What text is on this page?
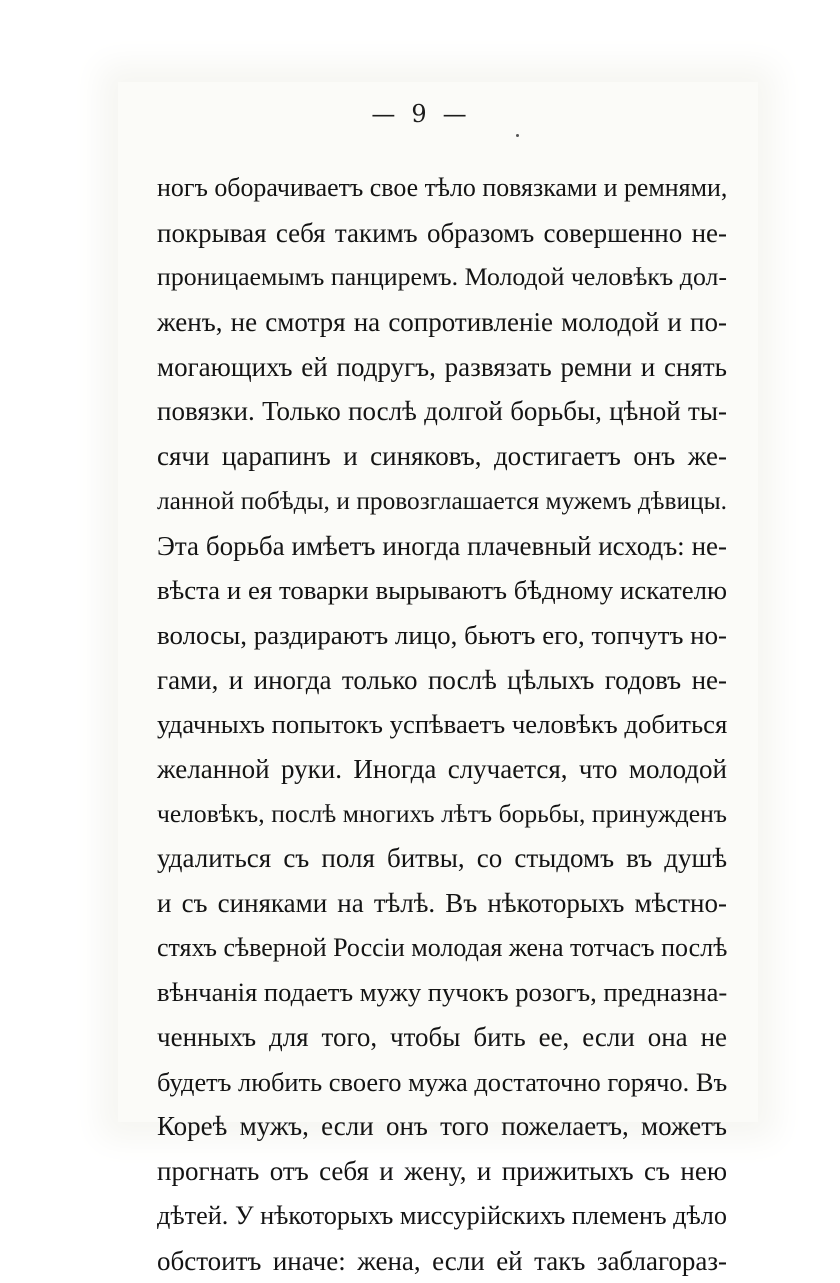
— 9 —
ногъ оборачиваетъ свое тѣло повязками и ремнями,
покрывая себя такимъ образомъ совершенно не-
проницаемымъ панциремъ. Молодой человѣкъ дол-
женъ, не смотря на сопротивленіе молодой и по-
могающихъ ей подругъ, развязать ремни и снять
повязки. Только послѣ долгой борьбы, цѣной ты-
сячи царапинъ и синяковъ, достигаетъ онъ же-
ланной побѣды, и провозглашается мужемъ дѣвицы.
Эта борьба имѣетъ иногда плачевный исходъ: не-
вѣста и ея товарки вырываютъ бѣдному искателю
волосы, раздираютъ лицо, бьютъ его, топчутъ но-
гами, и иногда только послѣ цѣлыхъ годовъ не-
удачныхъ попытокъ успѣваетъ человѣкъ добиться
желанной руки. Иногда случается, что молодой
человѣкъ, послѣ многихъ лѣтъ борьбы, принужденъ
удалиться съ поля битвы, со стыдомъ въ душѣ
и съ синяками на тѣлѣ. Въ нѣкоторыхъ мѣстно-
стяхъ сѣверной Россіи молодая жена тотчасъ послѣ
вѣнчанія подаетъ мужу пучокъ розогъ, предназна-
ченныхъ для того, чтобы бить ее, если она не
будетъ любить своего мужа достаточно горячо. Въ
Кореѣ мужъ, если онъ того пожелаетъ, можетъ
прогнать отъ себя и жену, и прижитыхъ съ нею
дѣтей. У нѣкоторыхъ миссурійскихъ племенъ дѣло
обстоитъ иначе: жена, если ей такъ заблагораз-
